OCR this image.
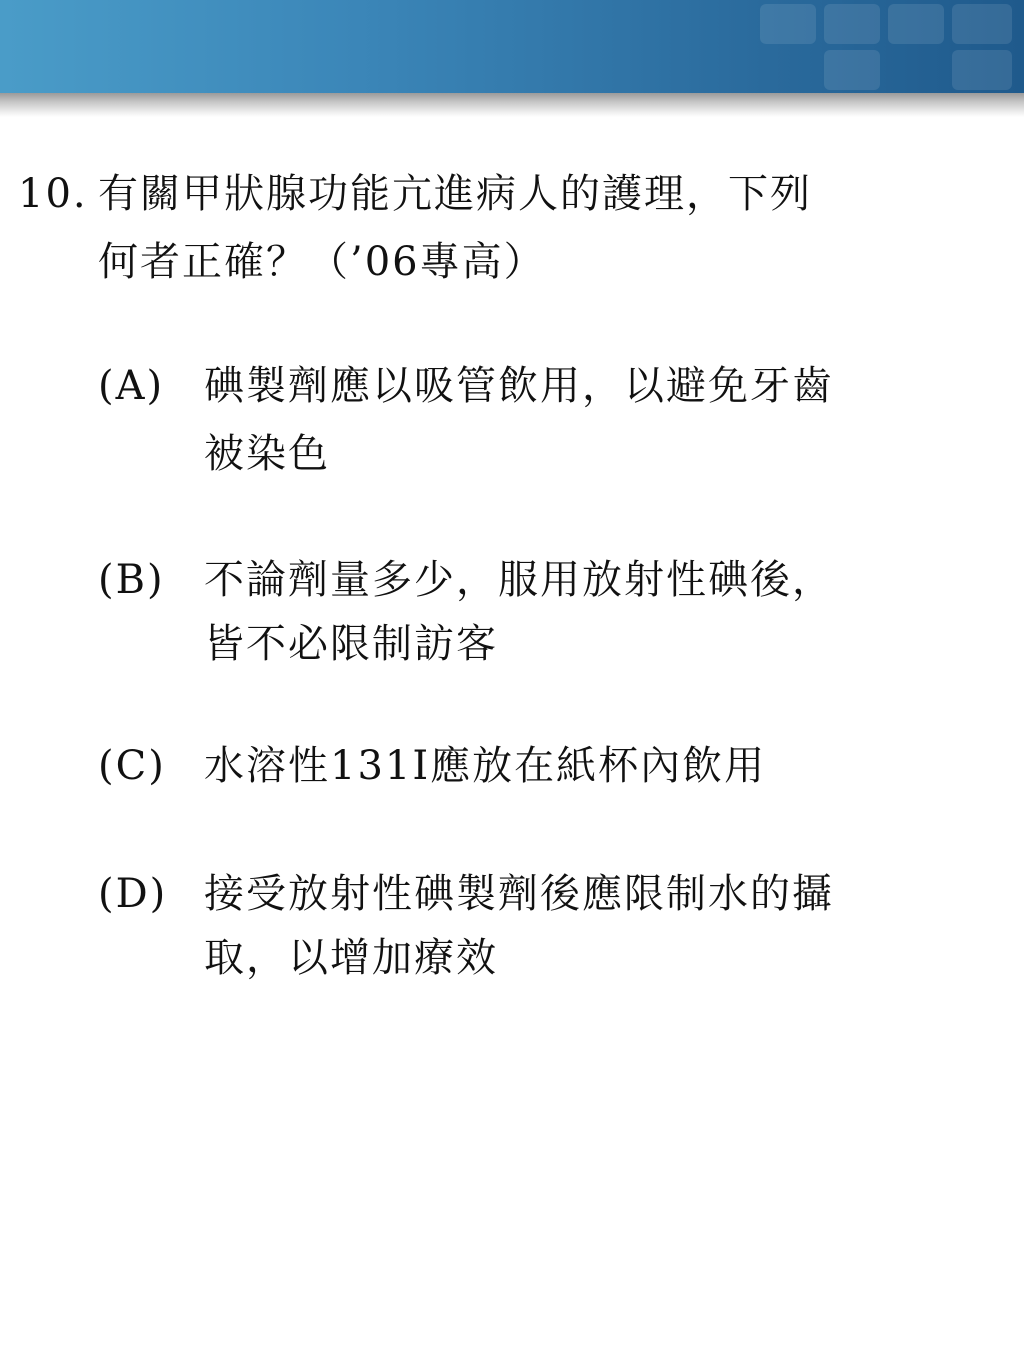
10. 有關甲狀腺功能亢進病人的護理，下列
何者正確？（’06專高）
(A) 碘製劑應以吸管飲用，以避免牙齒
被染色
(B) 不論劑量多少，服用放射性碘後，
皆不必限制訪客
(C) 水溶性131I應放在紙杯內飲用
(D) 接受放射性碘製劑後應限制水的攝
取，以增加療效
